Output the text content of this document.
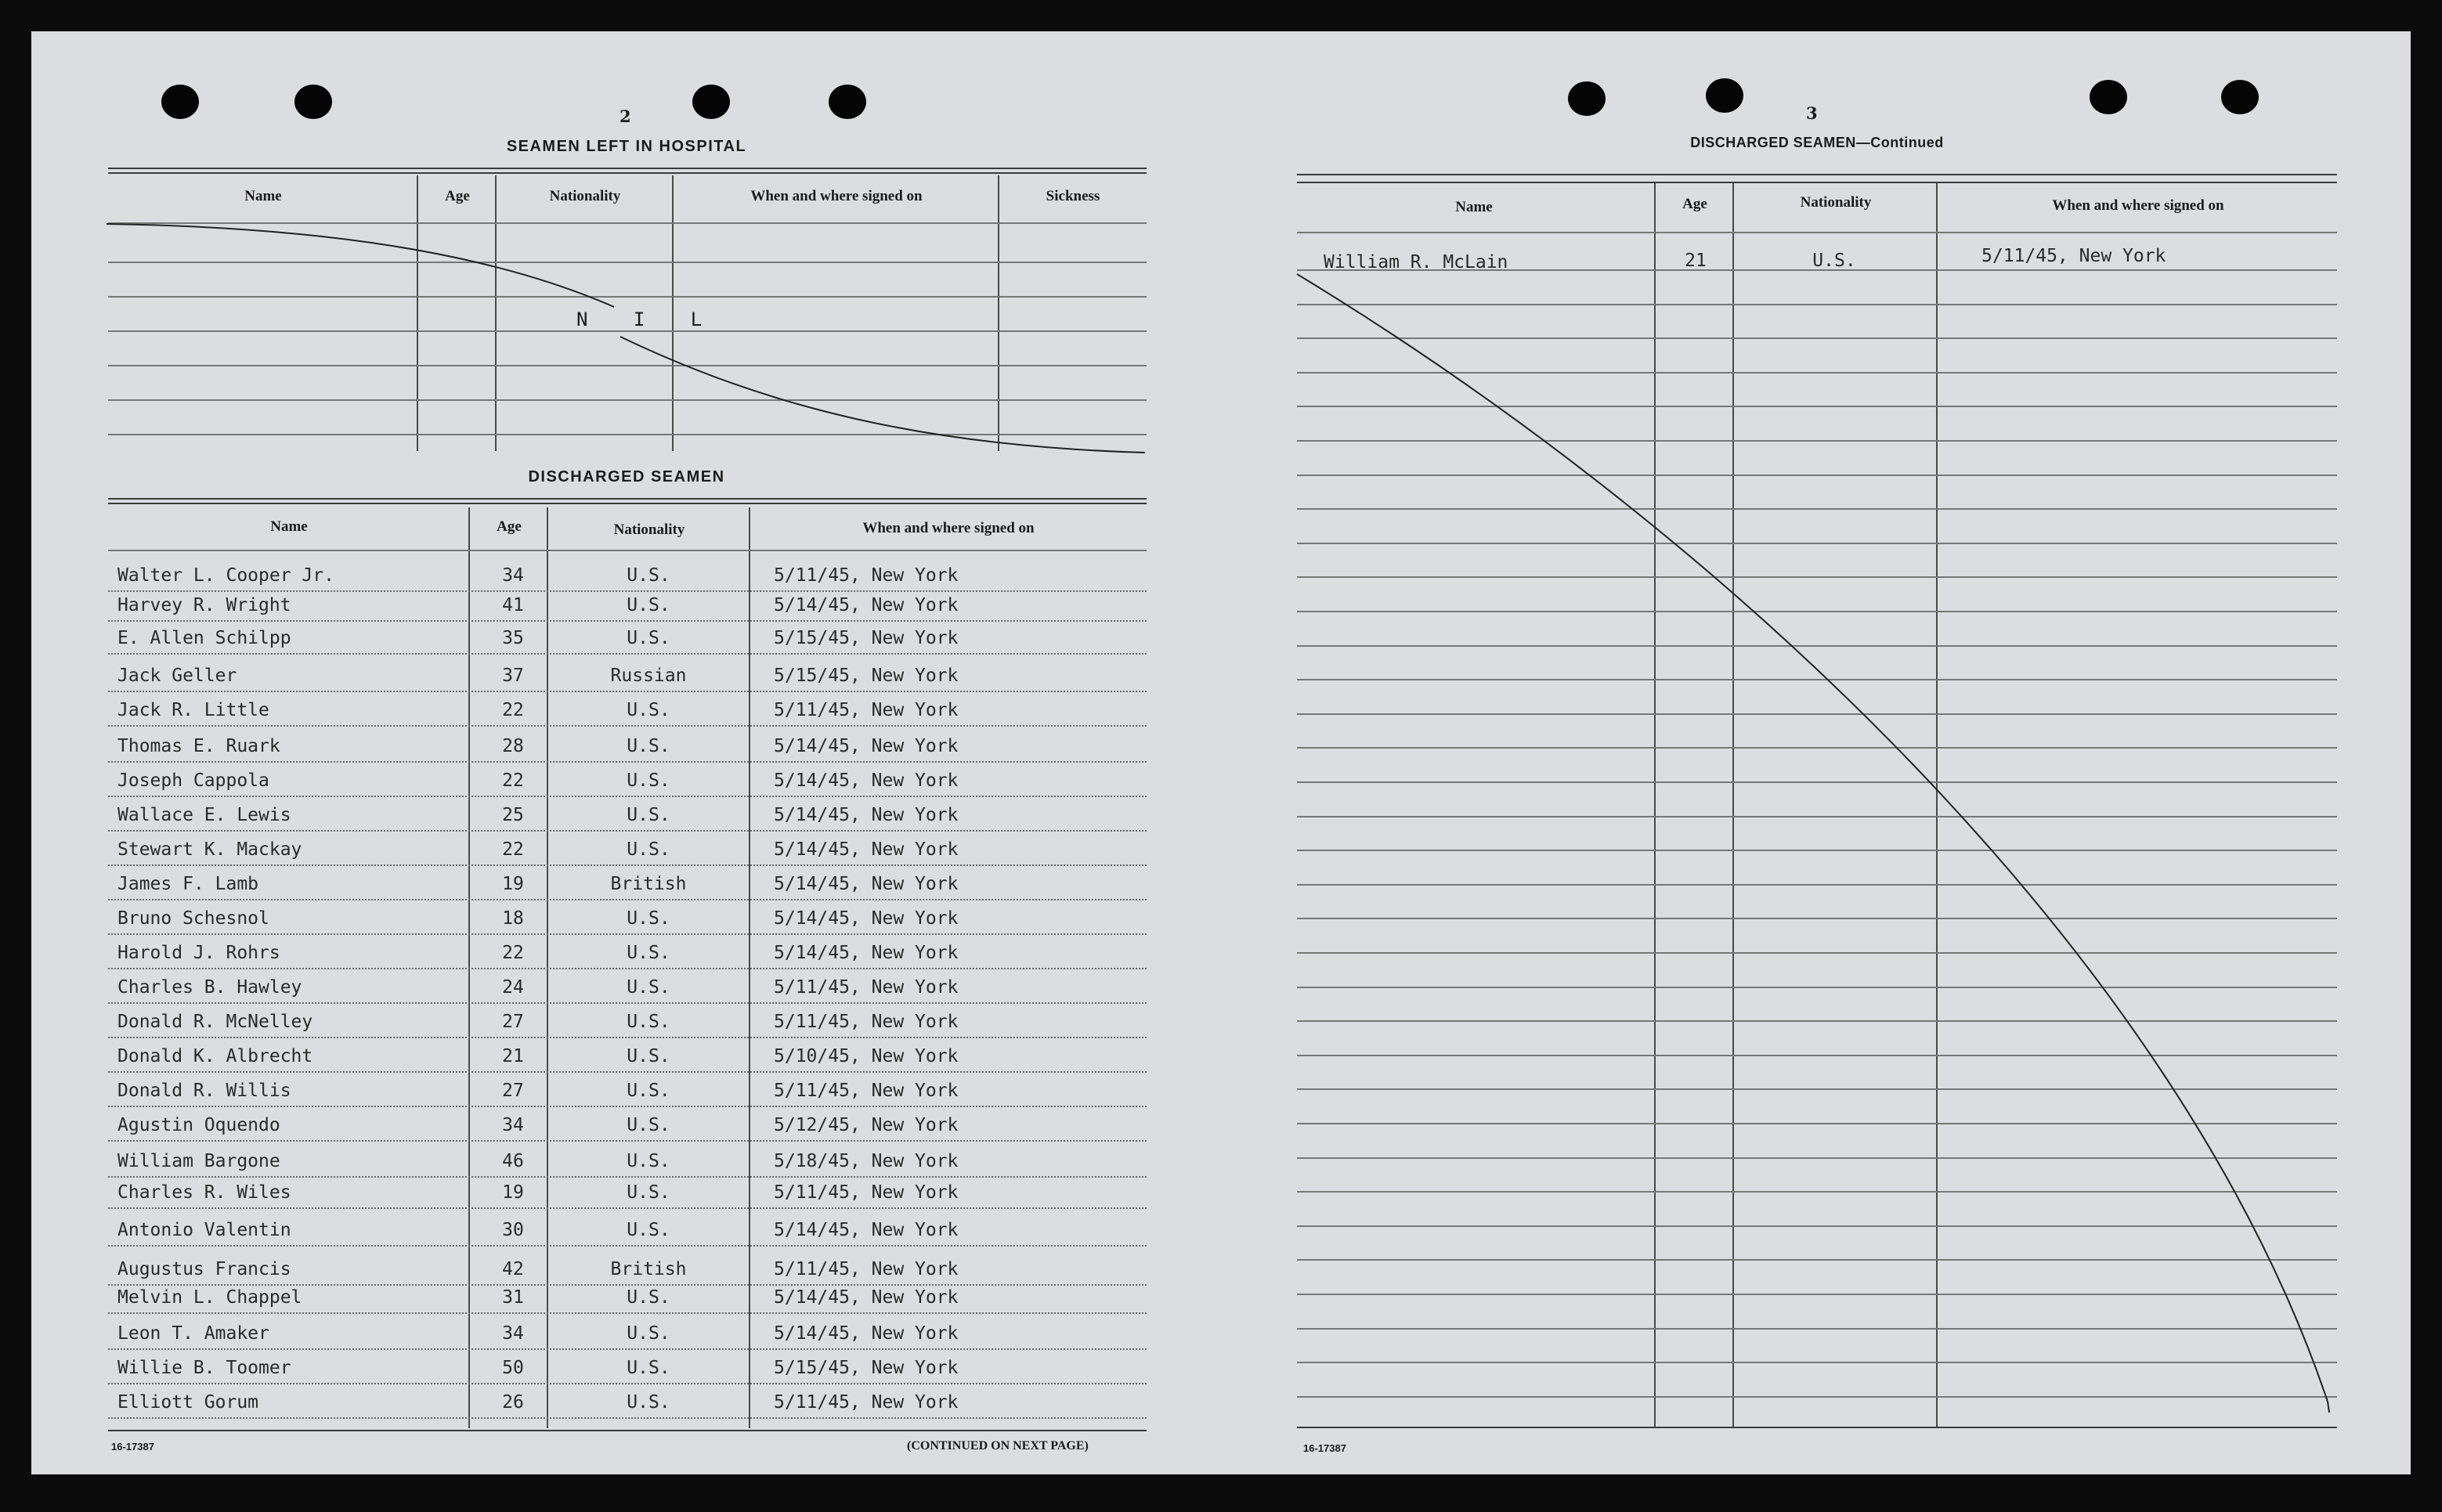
2
SEAMEN LEFT IN HOSPITAL
Name	Age	Nationality	When and where signed on	Sickness
N I L
DISCHARGED SEAMEN
Name	Age	Nationality	When and where signed on
Walter L. Cooper Jr.	34	U.S.	5/11/45, New York
Harvey R. Wright	41	U.S.	5/14/45, New York
E. Allen Schilpp	35	U.S.	5/15/45, New York
Jack Geller	37	Russian	5/15/45, New York
Jack R. Little	22	U.S.	5/11/45, New York
Thomas E. Ruark	28	U.S.	5/14/45, New York
Joseph Cappola	22	U.S.	5/14/45, New York
Wallace E. Lewis	25	U.S.	5/14/45, New York
Stewart K. Mackay	22	U.S.	5/14/45, New York
James F. Lamb	19	British	5/14/45, New York
Bruno Schesnol	18	U.S.	5/14/45, New York
Harold J. Rohrs	22	U.S.	5/14/45, New York
Charles B. Hawley	24	U.S.	5/11/45, New York
Donald R. McNelley	27	U.S.	5/11/45, New York
Donald K. Albrecht	21	U.S.	5/10/45, New York
Donald R. Willis	27	U.S.	5/11/45, New York
Agustin Oquendo	34	U.S.	5/12/45, New York
William Bargone	46	U.S.	5/18/45, New York
Charles R. Wiles	19	U.S.	5/11/45, New York
Antonio Valentin	30	U.S.	5/14/45, New York
Augustus Francis	42	British	5/11/45, New York
Melvin L. Chappel	31	U.S.	5/14/45, New York
Leon T. Amaker	34	U.S.	5/14/45, New York
Willie B. Toomer	50	U.S.	5/15/45, New York
Elliott Gorum	26	U.S.	5/11/45, New York
16-17387	(CONTINUED ON NEXT PAGE)
3
DISCHARGED SEAMEN—Continued
Name	Age	Nationality	When and where signed on
William R. McLain	21	U.S.	5/11/45, New York
16-17387
